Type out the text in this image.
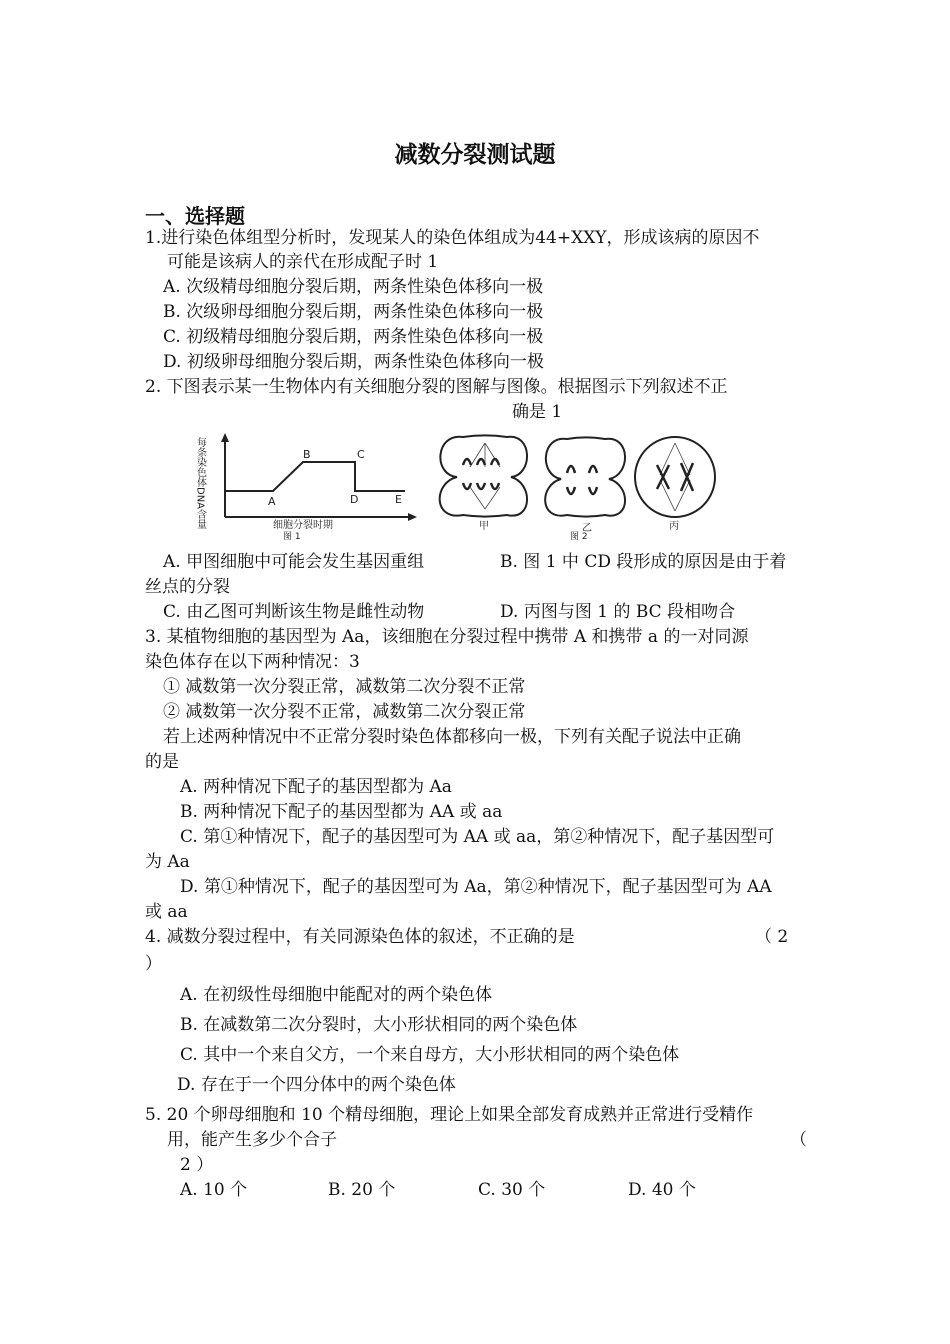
减数分裂测试题
一、选择题
1.进行染色体组型分析时，发现某人的染色体组成为44+XXY，形成该病的原因不
可能是该病人的亲代在形成配子时 1
A. 次级精母细胞分裂后期，两条性染色体移向一极
B. 次级卵母细胞分裂后期，两条性染色体移向一极
C. 初级精母细胞分裂后期，两条性染色体移向一极
D. 初级卵母细胞分裂后期，两条性染色体移向一极
2. 下图表示某一生物体内有关细胞分裂的图解与图像。根据图示下列叙述不正
确是 1
每条染色体DNA含量	A
B	C
D	E
细胞分裂时期
图 1
甲	乙	丙
图 2
A. 甲图细胞中可能会发生基因重组	B. 图 1 中 CD 段形成的原因是由于着
丝点的分裂
C. 由乙图可判断该生物是雌性动物	D. 丙图与图 1 的 BC 段相吻合
3. 某植物细胞的基因型为 Aa，该细胞在分裂过程中携带 A 和携带 a 的一对同源
染色体存在以下两种情况：3
① 减数第一次分裂正常，减数第二次分裂不正常
② 减数第一次分裂不正常，减数第二次分裂正常
若上述两种情况中不正常分裂时染色体都移向一极，下列有关配子说法中正确
的是
A. 两种情况下配子的基因型都为 Aa
B. 两种情况下配子的基因型都为 AA 或 aa
C. 第①种情况下，配子的基因型可为 AA 或 aa，第②种情况下，配子基因型可
为 Aa
D. 第①种情况下，配子的基因型可为 Aa，第②种情况下，配子基因型可为 AA
或 aa
4. 减数分裂过程中，有关同源染色体的叙述，不正确的是	（ 2
）
A. 在初级性母细胞中能配对的两个染色体
B. 在减数第二次分裂时，大小形状相同的两个染色体
C. 其中一个来自父方，一个来自母方，大小形状相同的两个染色体
D. 存在于一个四分体中的两个染色体
5. 20 个卵母细胞和 10 个精母细胞，理论上如果全部发育成熟并正常进行受精作
用，能产生多少个合子	（
2 ）
A. 10 个	B. 20 个	C. 30 个	D. 40 个
